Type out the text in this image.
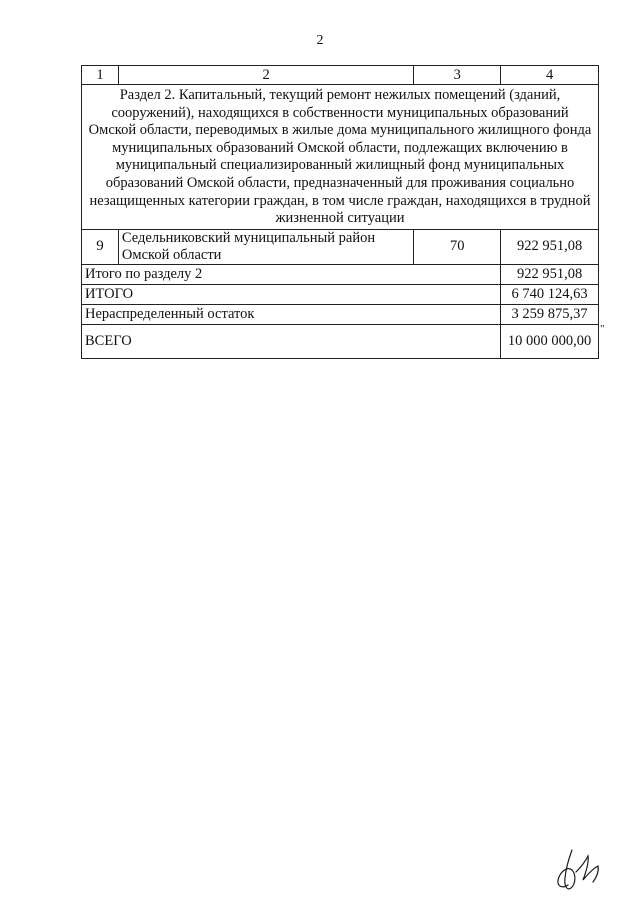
2
1	2	3	4
Раздел 2. Капитальный, текущий ремонт нежилых помещений (зданий, сооружений), находящихся в собственности муниципальных образований Омской области, переводимых в жилые дома муниципального жилищного фонда муниципальных образований Омской области, подлежащих включению в муниципальный специализированный жилищный фонд муниципальных образований Омской области, предназначенный для проживания социально незащищенных категории граждан, в том числе граждан, находящихся в трудной жизненной ситуации			
9	Седельниковский муниципальный район Омской области	70	922 951,08
Итого по разделу 2			922 951,08
ИТОГО			6 740 124,63
Нераспределенный остаток			3 259 875,37
ВСЕГО			10 000 000,00
"
